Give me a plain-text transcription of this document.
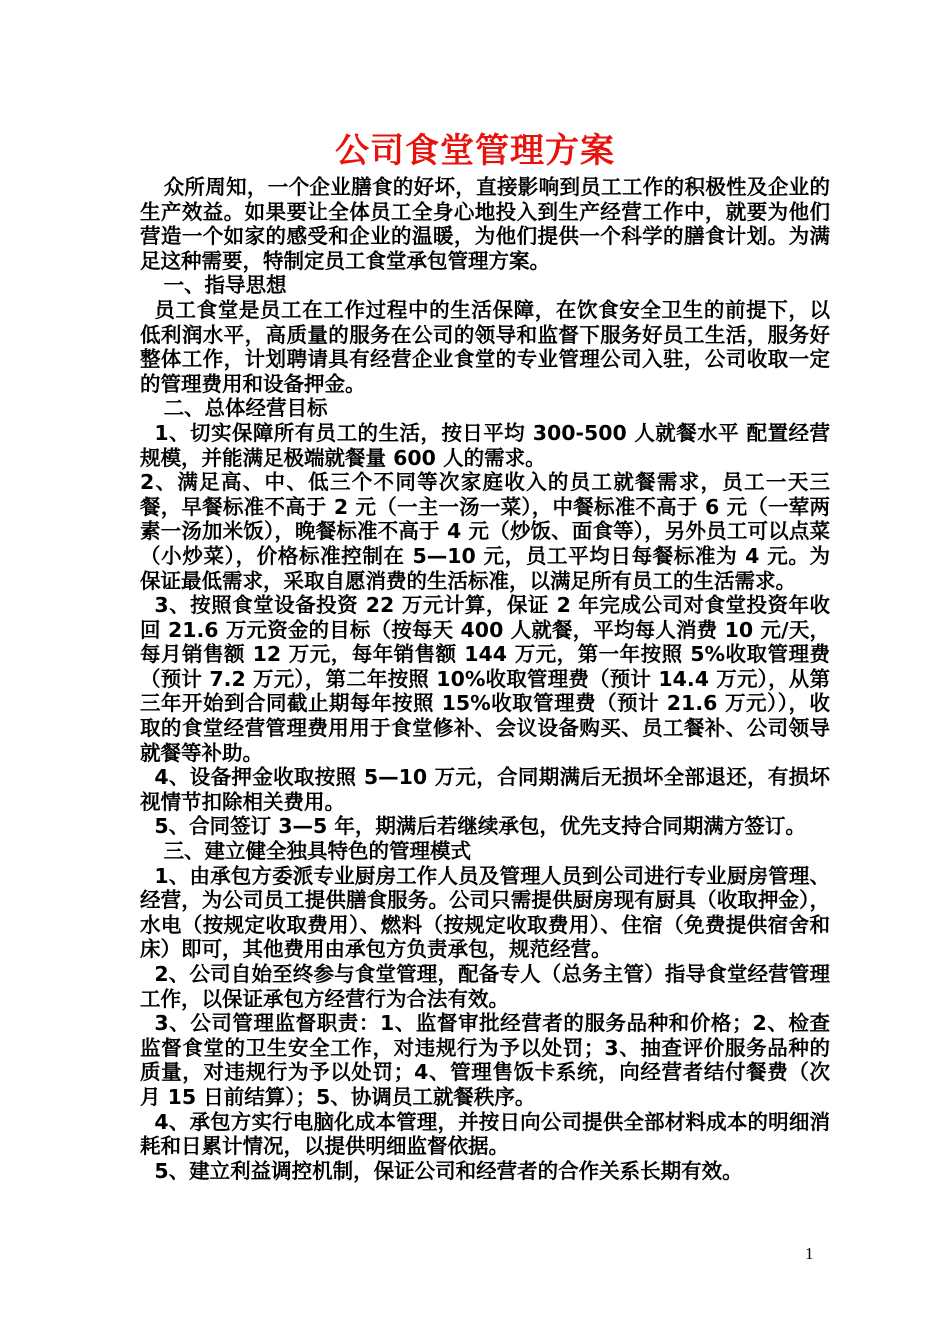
公司食堂管理方案

众所周知，一个企业膳食的好坏，直接影响到员工工作的积极性及企业的生产效益。如果要让全体员工全身心地投入到生产经营工作中，就要为他们营造一个如家的感受和企业的温暖，为他们提供一个科学的膳食计划。为满足这种需要，特制定员工食堂承包管理方案。

一、指导思想

员工食堂是员工在工作过程中的生活保障，在饮食安全卫生的前提下，以低利润水平，高质量的服务在公司的领导和监督下服务好员工生活，服务好整体工作，计划聘请具有经营企业食堂的专业管理公司入驻，公司收取一定的管理费用和设备押金。

二、总体经营目标

1、切实保障所有员工的生活，按日平均 300-500 人就餐水平 配置经营规模，并能满足极端就餐量 600 人的需求。

2、满足高、中、低三个不同等次家庭收入的员工就餐需求，员工一天三餐，早餐标准不高于 2 元（一主一汤一菜），中餐标准不高于 6 元（一荤两素一汤加米饭），晚餐标准不高于 4 元（炒饭、面食等），另外员工可以点菜（小炒菜），价格标准控制在 5—10 元，员工平均日每餐标准为 4 元。为保证最低需求，采取自愿消费的生活标准，以满足所有员工的生活需求。

3、按照食堂设备投资 22 万元计算，保证 2 年完成公司对食堂投资年收回 21.6 万元资金的目标（按每天 400 人就餐，平均每人消费 10 元/天，每月销售额 12 万元，每年销售额 144 万元，第一年按照 5%收取管理费（预计 7.2 万元），第二年按照 10%收取管理费（预计 14.4 万元），从第三年开始到合同截止期每年按照 15%收取管理费（预计 21.6 万元）），收取的食堂经营管理费用用于食堂修补、会议设备购买、员工餐补、公司领导就餐等补助。

4、设备押金收取按照 5—10 万元，合同期满后无损坏全部退还，有损坏视情节扣除相关费用。

5、合同签订 3—5 年，期满后若继续承包，优先支持合同期满方签订。

三、建立健全独具特色的管理模式

1、由承包方委派专业厨房工作人员及管理人员到公司进行专业厨房管理、经营，为公司员工提供膳食服务。公司只需提供厨房现有厨具（收取押金），水电（按规定收取费用）、燃料（按规定收取费用）、住宿（免费提供宿舍和床）即可，其他费用由承包方负责承包，规范经营。

2、公司自始至终参与食堂管理，配备专人（总务主管）指导食堂经营管理工作，以保证承包方经营行为合法有效。

3、公司管理监督职责：1、监督审批经营者的服务品种和价格；2、检查监督食堂的卫生安全工作，对违规行为予以处罚；3、抽查评价服务品种的质量，对违规行为予以处罚；4、管理售饭卡系统，向经营者结付餐费（次月 15 日前结算）；5、协调员工就餐秩序。

4、承包方实行电脑化成本管理，并按日向公司提供全部材料成本的明细消耗和日累计情况，以提供明细监督依据。

5、建立利益调控机制，保证公司和经营者的合作关系长期有效。

1
